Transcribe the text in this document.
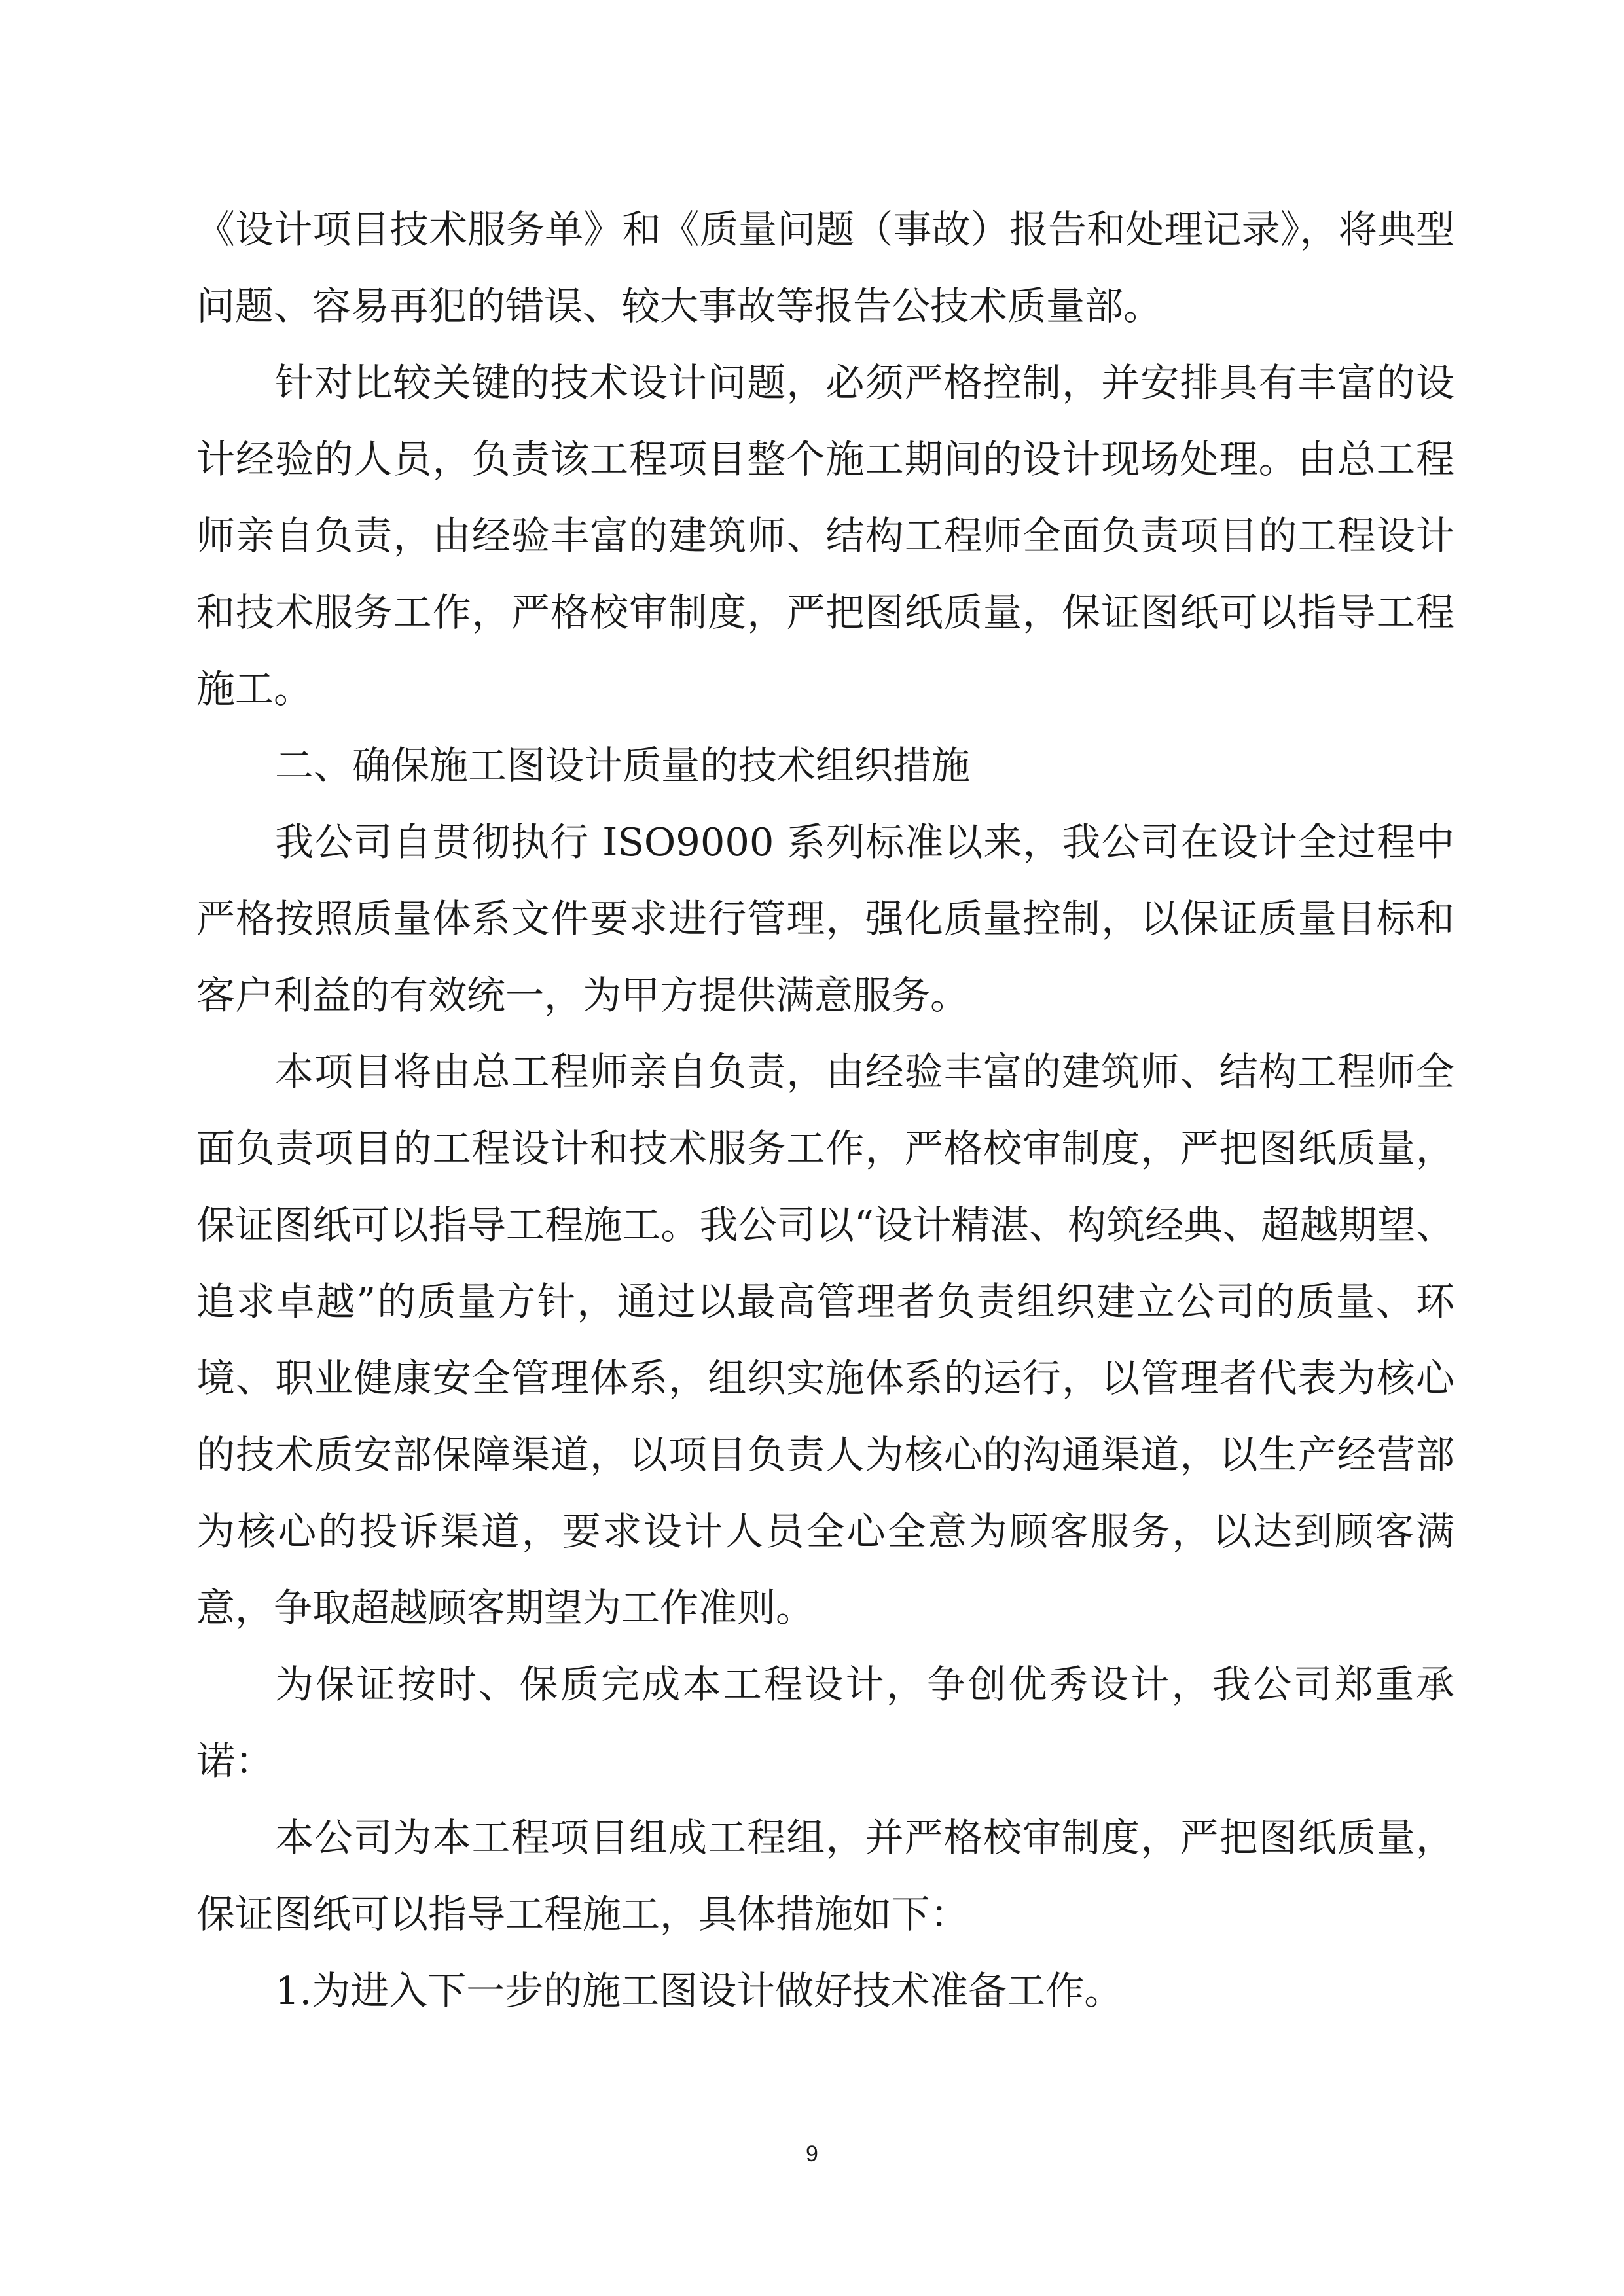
《设计项目技术服务单》和《质量问题（事故）报告和处理记录》，将典型问题、容易再犯的错误、较大事故等报告公技术质量部。

针对比较关键的技术设计问题，必须严格控制，并安排具有丰富的设计经验的人员，负责该工程项目整个施工期间的设计现场处理。由总工程师亲自负责，由经验丰富的建筑师、结构工程师全面负责项目的工程设计和技术服务工作，严格校审制度，严把图纸质量，保证图纸可以指导工程施工。

二、确保施工图设计质量的技术组织措施

我公司自贯彻执行 ISO9000 系列标准以来，我公司在设计全过程中严格按照质量体系文件要求进行管理，强化质量控制，以保证质量目标和客户利益的有效统一，为甲方提供满意服务。

本项目将由总工程师亲自负责，由经验丰富的建筑师、结构工程师全面负责项目的工程设计和技术服务工作，严格校审制度，严把图纸质量，保证图纸可以指导工程施工。我公司以“设计精湛、构筑经典、超越期望、追求卓越”的质量方针，通过以最高管理者负责组织建立公司的质量、环境、职业健康安全管理体系，组织实施体系的运行，以管理者代表为核心的技术质安部保障渠道，以项目负责人为核心的沟通渠道，以生产经营部为核心的投诉渠道，要求设计人员全心全意为顾客服务，以达到顾客满意，争取超越顾客期望为工作准则。

为保证按时、保质完成本工程设计，争创优秀设计，我公司郑重承诺：

本公司为本工程项目组成工程组，并严格校审制度，严把图纸质量，保证图纸可以指导工程施工，具体措施如下：

1.为进入下一步的施工图设计做好技术准备工作。

9
